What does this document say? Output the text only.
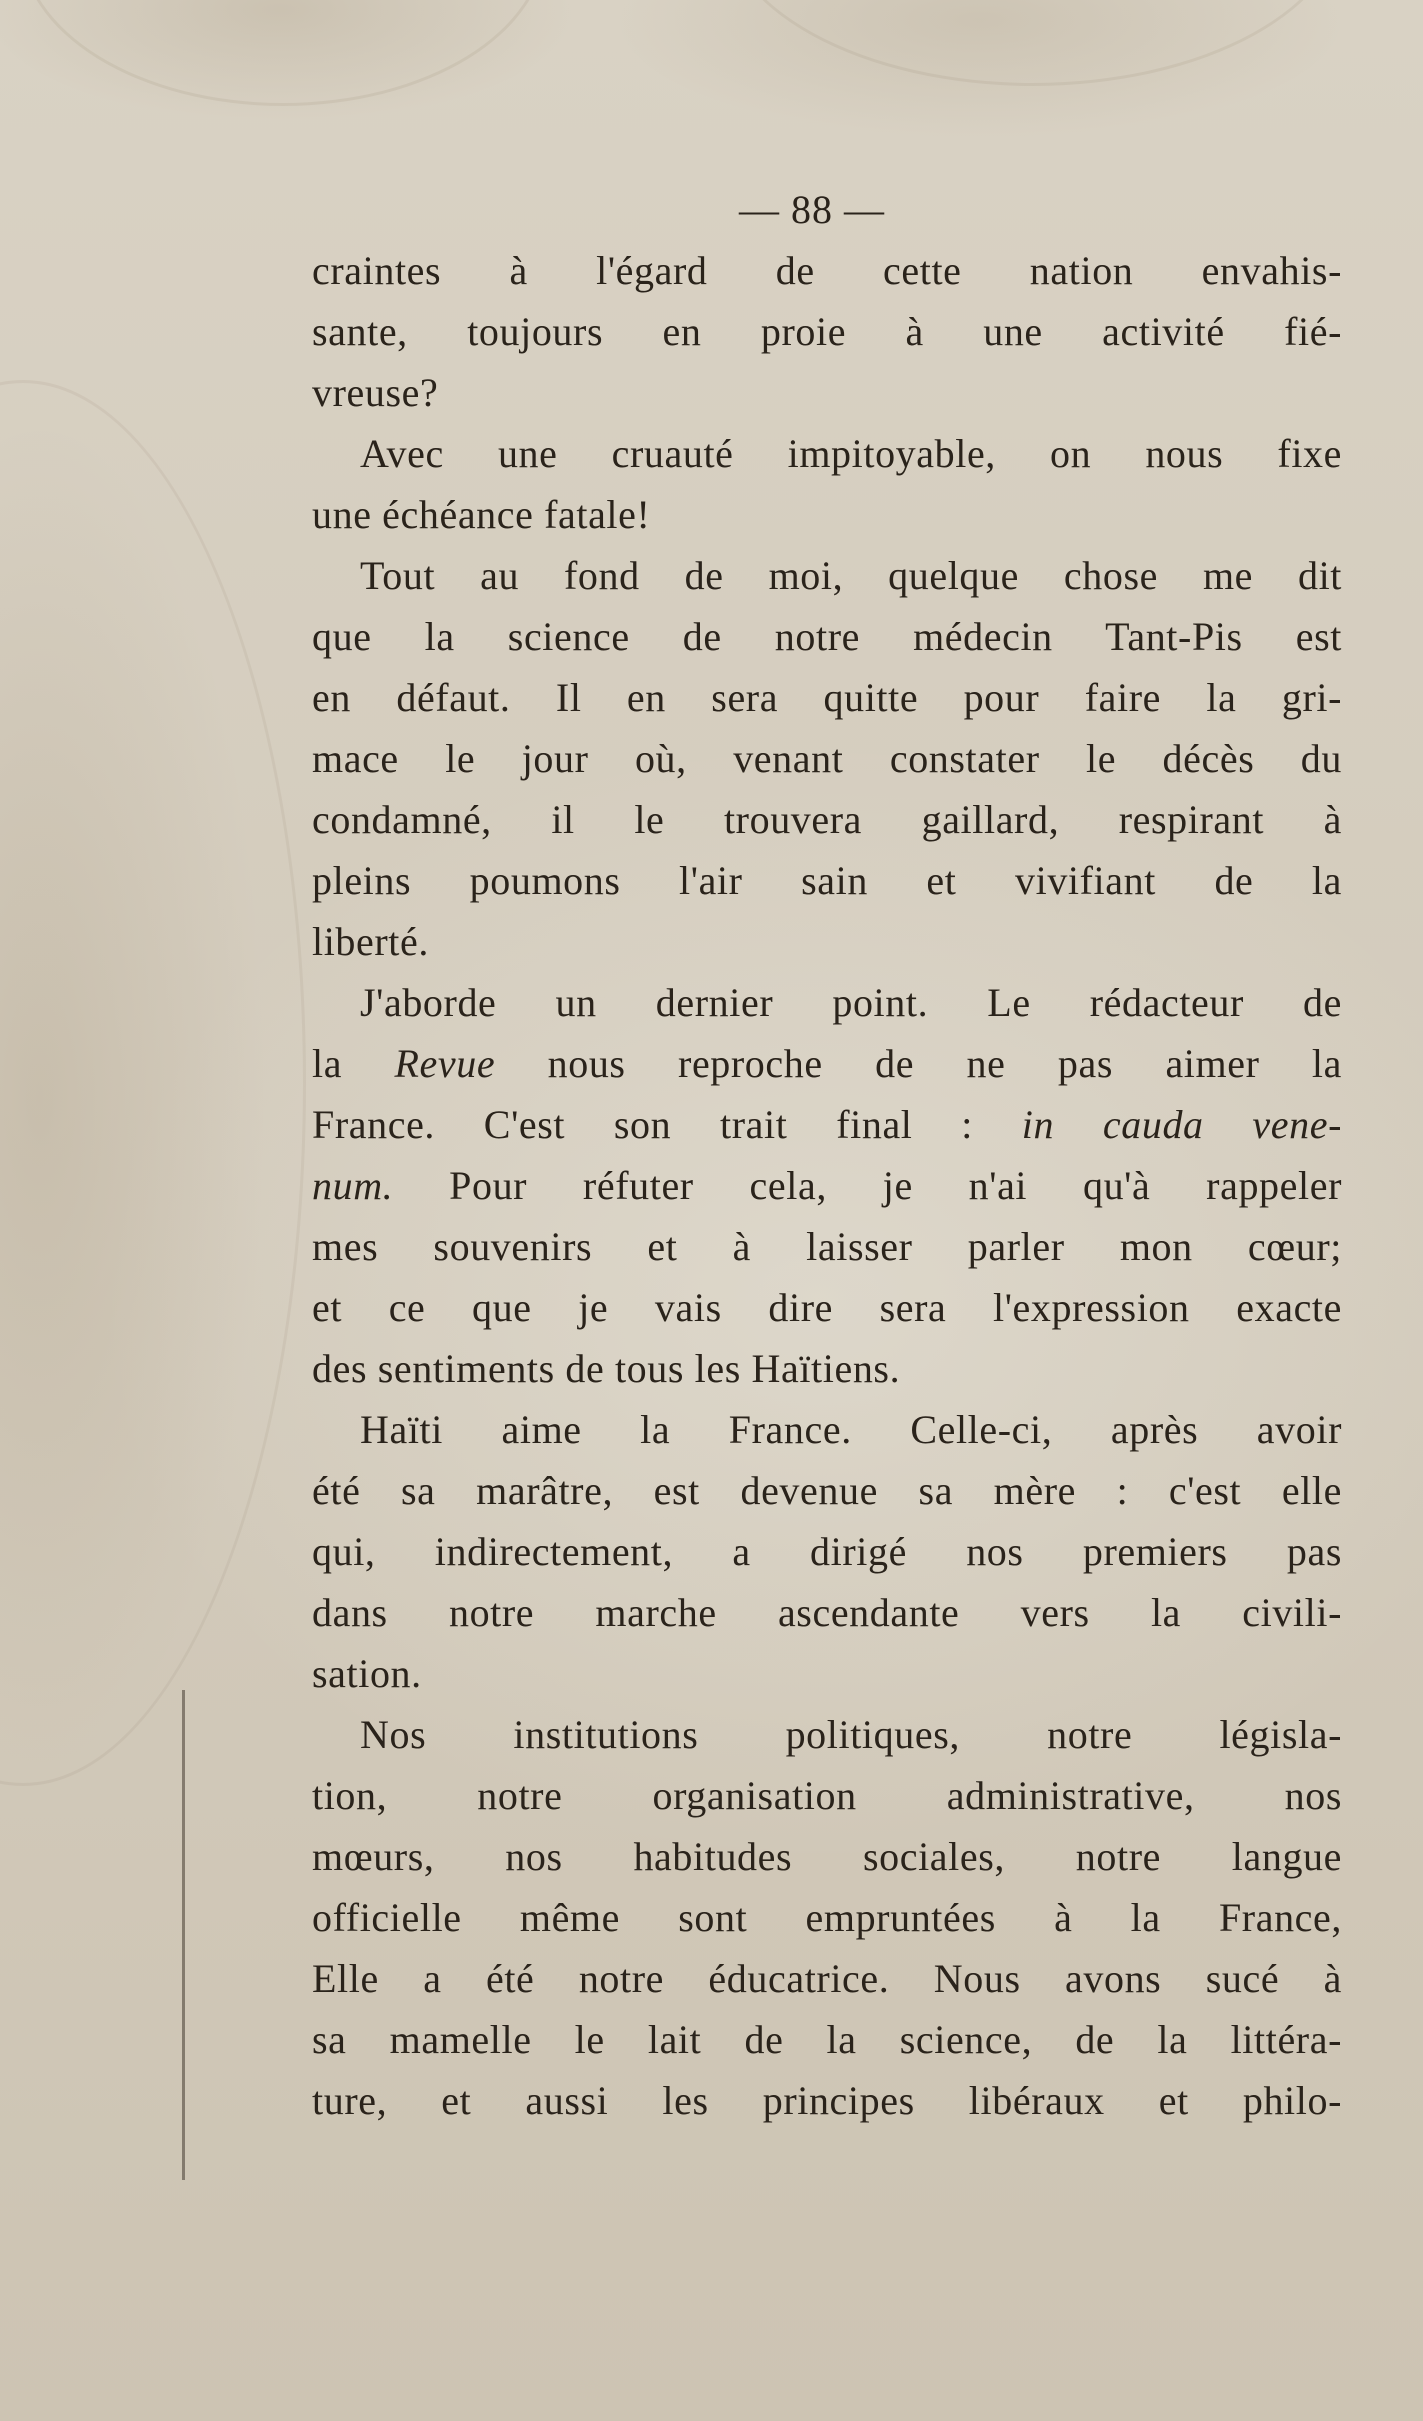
— 88 —
craintes à l'égard de cette nation envahis-
sante, toujours en proie à une activité fié-
vreuse?
Avec une cruauté impitoyable, on nous fixe
une échéance fatale!
Tout au fond de moi, quelque chose me dit
que la science de notre médecin Tant-Pis est
en défaut. Il en sera quitte pour faire la gri-
mace le jour où, venant constater le décès du
condamné, il le trouvera gaillard, respirant à
pleins poumons l'air sain et vivifiant de la
liberté.
J'aborde un dernier point. Le rédacteur de
la Revue nous reproche de ne pas aimer la
France. C'est son trait final : in cauda vene-
num. Pour réfuter cela, je n'ai qu'à rappeler
mes souvenirs et à laisser parler mon cœur;
et ce que je vais dire sera l'expression exacte
des sentiments de tous les Haïtiens.
Haïti aime la France. Celle-ci, après avoir
été sa marâtre, est devenue sa mère : c'est elle
qui, indirectement, a dirigé nos premiers pas
dans notre marche ascendante vers la civili-
sation.
Nos institutions politiques, notre législa-
tion, notre organisation administrative, nos
mœurs, nos habitudes sociales, notre langue
officielle même sont empruntées à la France,
Elle a été notre éducatrice. Nous avons sucé à
sa mamelle le lait de la science, de la littéra-
ture, et aussi les principes libéraux et philo-
